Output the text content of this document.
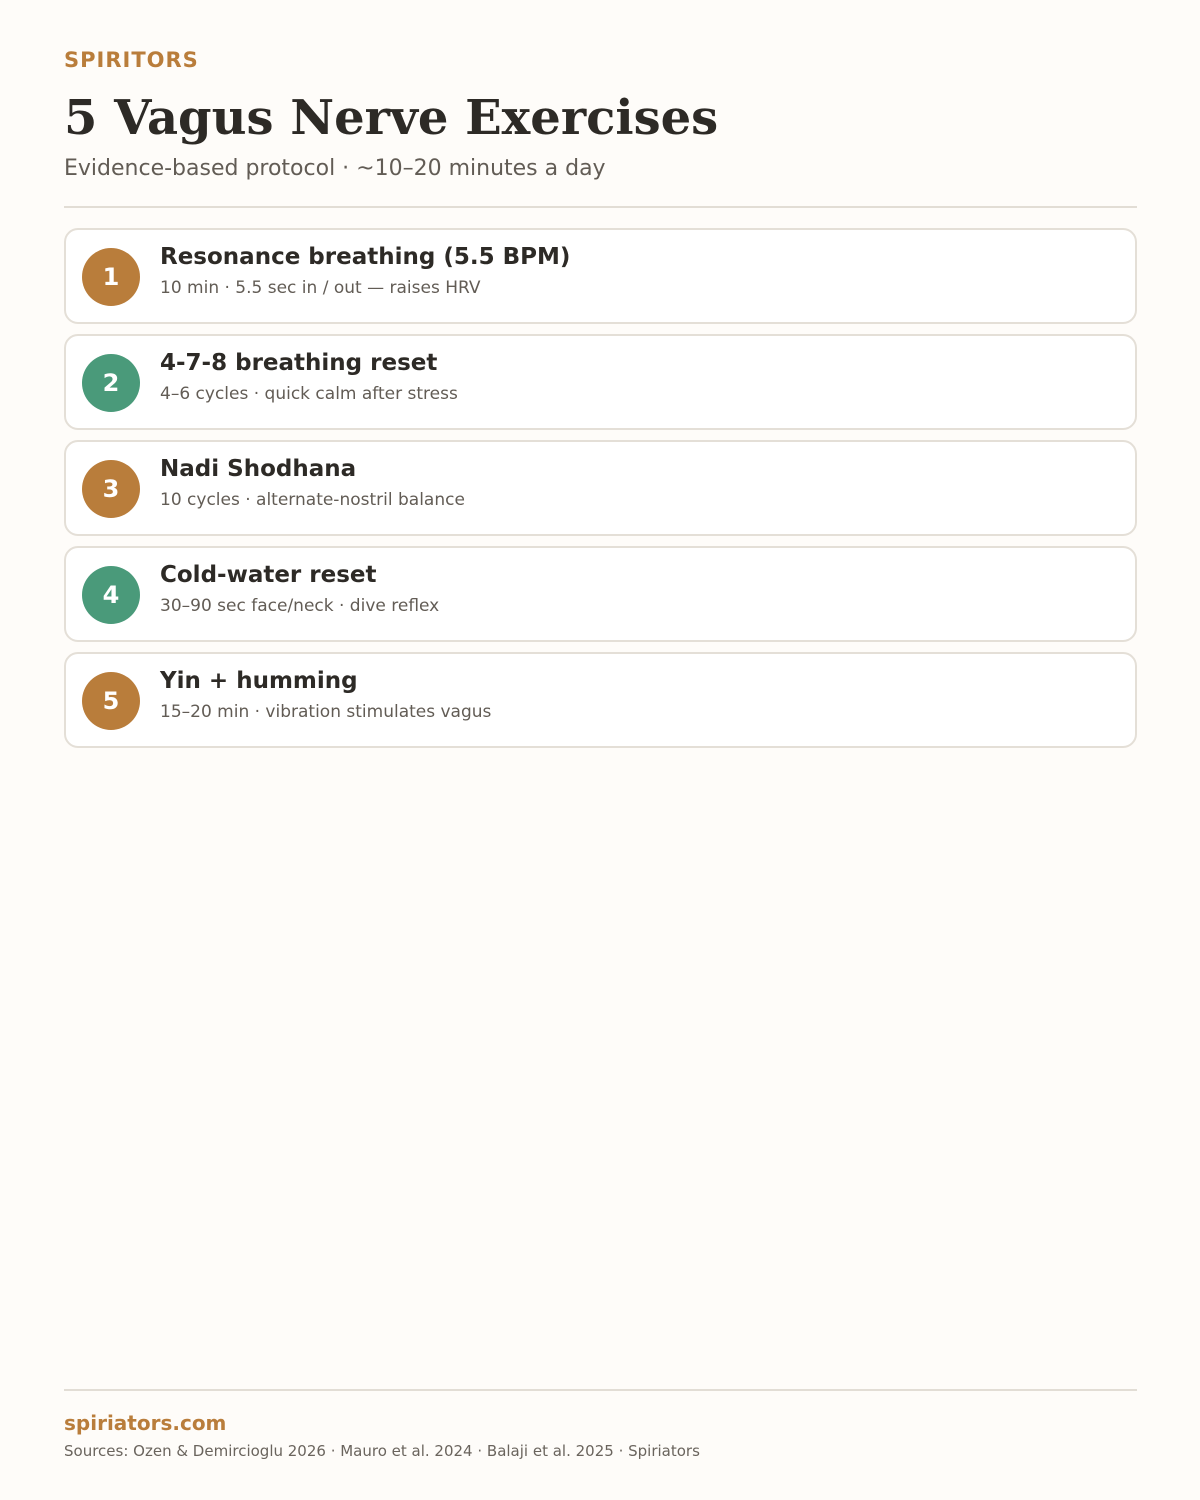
SPIRITORS
5 Vagus Nerve Exercises
Evidence-based protocol · ~10–20 minutes a day
1
Resonance breathing (5.5 BPM)
10 min · 5.5 sec in / out — raises HRV
2
4-7-8 breathing reset
4–6 cycles · quick calm after stress
3
Nadi Shodhana
10 cycles · alternate-nostril balance
4
Cold-water reset
30–90 sec face/neck · dive reflex
5
Yin + humming
15–20 min · vibration stimulates vagus
spiriators.com
Sources: Ozen & Demircioglu 2026 · Mauro et al. 2024 · Balaji et al. 2025 · Spiriators
